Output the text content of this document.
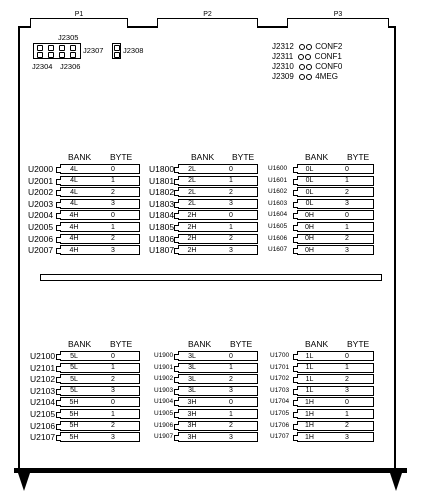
P1	P2	P3
J2305
J2307	J2308
J2304 J2306
J2312	CONF2
J2311	CONF1
J2310	CONF0
J2309	4MEG
BANK BYTE
U2000	4L	0
U2001	4L	1
U2002	4L	2
U2003	4L	3
U2004	4H	0
U2005	4H	1
U2006	4H	2
U2007	4H	3
BANK BYTE
U1800	2L	0
U1801	2L	1
U1802	2L	2
U1803	2L	3
U1804	2H	0
U1805	2H	1
U1806	2H	2
U1807	2H	3
BANK BYTE
U1600	0L	0
U1601	0L	1
U1602	0L	2
U1603	0L	3
U1604	0H	0
U1605	0H	1
U1606	0H	2
U1607	0H	3
BANK BYTE
U2100	5L	0
U2101	5L	1
U2102	5L	2
U2103	5L	3
U2104	5H	0
U2105	5H	1
U2106	5H	2
U2107	5H	3
BANK BYTE
U1900	3L	0
U1901	3L	1
U1902	3L	2
U1903	3L	3
U1904	3H	0
U1905	3H	1
U1906	3H	2
U1907	3H	3
BANK BYTE
U1700	1L	0
U1701	1L	1
U1702	1L	2
U1703	1L	3
U1704	1H	0
U1705	1H	1
U1706	1H	2
U1707	1H	3
